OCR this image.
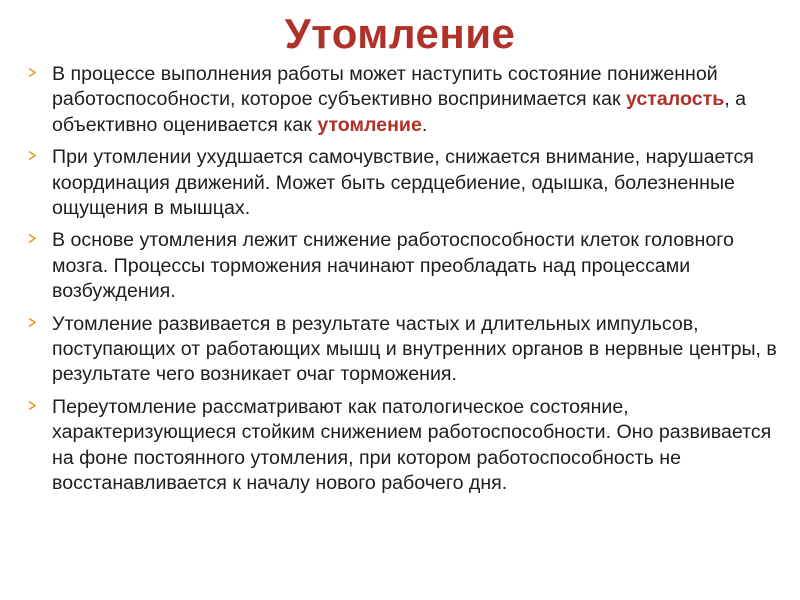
Утомление
В процессе выполнения работы может наступить состояние пониженной работоспособности, которое субъективно воспринимается как усталость, а объективно оценивается как утомление.
При утомлении ухудшается самочувствие, снижается внимание, нарушается координация движений. Может быть сердцебиение, одышка, болезненные ощущения в мышцах.
В основе утомления лежит снижение работоспособности клеток головного мозга. Процессы торможения начинают преобладать над процессами возбуждения.
Утомление развивается в результате частых и длительных импульсов, поступающих от работающих мышц и внутренних органов в нервные центры, в результате чего возникает очаг торможения.
Переутомление рассматривают как патологическое состояние, характеризующиеся стойким снижением работоспособности. Оно развивается на фоне постоянного утомления, при котором работоспособность не восстанавливается к началу нового рабочего дня.
